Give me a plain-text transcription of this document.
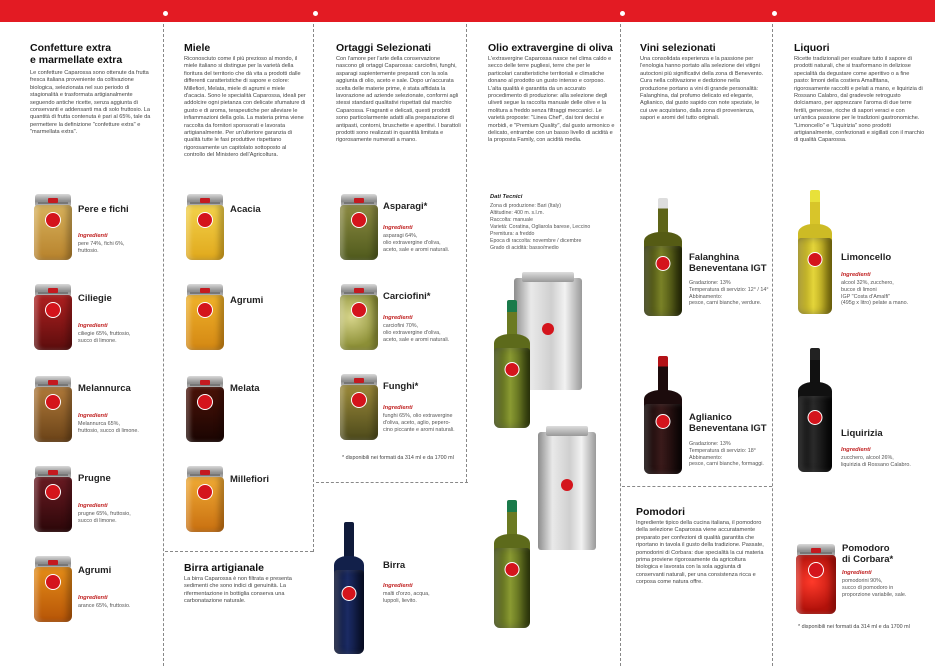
Confetture extra
e marmellate extra
Le confetture Caparossa sono ottenute da frutta fresca italiana proveniente da coltivazione biologica, selezionata nel suo periodo di stagionalità e trasformata artigianalmente seguendo antiche ricette, senza aggiunta di conservanti e addensanti ma di solo fruttosio. La quantità di frutta contenuta è pari al 65%, tale da permettere la definizione "confetture extra" e "marmellata extra".
Pere e fichi
Ingredienti
pere 74%, fichi 6%,
fruttosio.
Ciliegie
Ingredienti
ciliegie 65%, fruttosio,
succo di limone.
Melannurca
Ingredienti
Melannurca 65%,
fruttosio, succo di limone.
Prugne
Ingredienti
prugne 65%, fruttosio,
succo di limone.
Agrumi
Ingredienti
arance 65%, fruttosio.
Miele
Riconosciuto come il più prezioso al mondo, il miele italiano si distingue per la varietà della fioritura del territorio che dà vita a prodotti dalle differenti caratteristiche di sapore e colore: Millefiori, Melata, miele di agrumi e miele d'acacia. Sono le specialità Caparossa, ideali per addolcire ogni pietanza con delicate sfumature di gusto e di aroma, terapeutiche per alleviare le infiammazioni della gola. La materia prima viene raccolta da fornitori sponsorati e lavorata artigianalmente. Per un'ulteriore garanzia di qualità tutte le fasi produttive rispettano rigorosamente un capitolato sottoposto al controllo del Ministero dell'Agricoltura.
Acacia
Agrumi
Melata
Millefiori
Birra artigianale
La birra Caparossa è non filtrata e presenta sedimenti che sono indici di genuinità. La rifermentazione in bottiglia conserva una carbonatazione naturale.
Ortaggi Selezionati
Con l'amore per l'arte della conservazione nascono gli ortaggi Caparossa: carciofini, funghi, asparagi sapientemente preparati con la sola aggiunta di olio, aceto e sale. Dopo un'accurata scelta delle materie prime, è stata affidata la lavorazione ad aziende selezionate, conformi agli stessi standard qualitativi rispettati dal marchio Caparossa. Fragranti e delicati, questi prodotti sono particolarmente adatti alla preparazione di antipasti, contorni, bruschette e aperitivi. I barattoli prodotti sono realizzati in quantità limitata e rigorosamente numerati a mano.
Asparagi*
Ingredienti
asparagi 64%,
olio extravergine d'oliva,
aceto, sale e aromi naturali.
Carciofini*
Ingredienti
carciofini 70%,
olio extravergine d'oliva,
aceto, sale e aromi naturali.
Funghi*
Ingredienti
funghi 65%, olio extravergine
d'oliva, aceto, aglio, pepero-
cino piccante e aromi naturali.
* disponibili nei formati da 314 ml e da 1700 ml
Birra
Ingredienti
malti d'orzo, acqua,
luppoli, lievito.
Olio extravergine di oliva
L'extravergine Caparossa nasce nel clima caldo e secco delle terre pugliesi, terre che per le particolari caratteristiche territoriali e climatiche donano al prodotto un gusto intenso e corposo. L'alta qualità è garantita da un accurato procedimento di produzione: alla selezione degli uliveti segue la raccolta manuale delle olive e la molitura a freddo senza filtraggi meccanici. Le varietà proposte: "Linea Chef", dai toni decisi e morbidi, e "Premium Quality", dal gusto armonico e delicato, entrambe con un basso livello di acidità e la proposta Family, con acidità media.
Dati Tecnici
Zona di produzione: Bari (Italy)
Altitudine: 400 m. s.l.m.
Raccolta: manuale
Varietà: Coratina, Ogliarola barese, Leccino
Premitura: a freddo
Epoca di raccolta: novembre / dicembre
Grado di acidità: basso/medio
Vini selezionati
Una consolidata esperienza e la passione per l'enologia hanno portato alla selezione dei vitigni autoctoni più significativi della zona di Benevento. Cura nella coltivazione e dedizione nella produzione portano a vini di grande personalità: Falanghina, dal profumo delicato ed elegante, Aglianico, dal gusto sapido con note speziate, le cui uve acquistano, dalla zona di provenienza, sapori e aromi del tutto originali.
Falanghina
Beneventana IGT
Gradazione: 13%
Temperatura di servizio: 12° / 14°
Abbinamento:
pesce, carni bianche, verdure.
Aglianico
Beneventana IGT
Gradazione: 13%
Temperatura di servizio: 18°
Abbinamento:
pesce, carni bianche, formaggi.
Pomodori
Ingrediente tipico della cucina italiana, il pomodoro della selezione Caparossa viene accuratamente preparato per confezioni di qualità garantita che riportano in tavola il gusto della tradizione. Passate, pomodorini di Corbara: due specialità la cui materia prima proviene rigorosamente da agricoltura biologica e lavorata con la sola aggiunta di conservanti naturali, per una consistenza ricca e corposa come natura offre.
Liquori
Ricette tradizionali per esaltare tutto il sapore di prodotti naturali, che si trasformano in deliziose specialità da degustare come aperitivo o a fine pasto: limoni della costiera Amalfitana, rigorosamente raccolti e pelati a mano, e liquirizia di Rossano Calabro, dal gradevole retrogusto dolciamaro, per apprezzare l'aroma di due terre fertili, generose, ricche di sapori veraci e con un'antica passione per le tradizioni gastronomiche. "Limoncello" e "Liquirizia" sono prodotti artigianalmente, confezionati e sigillati con il marchio di qualità Caparossa.
Limoncello
Ingredienti
alcool 32%, zucchero,
bucce di limoni
IGP "Costa d'Amalfi"
(495g x litro) pelate a mano.
Liquirizia
Ingredienti
zucchero, alcool 26%,
liquirizia di Rossano Calabro.
Pomodoro
di Corbara*
Ingredienti
pomodorini 90%,
succo di pomodoro in
proporzione variabile, sale.
* disponibili nei formati da 314 ml e da 1700 ml
